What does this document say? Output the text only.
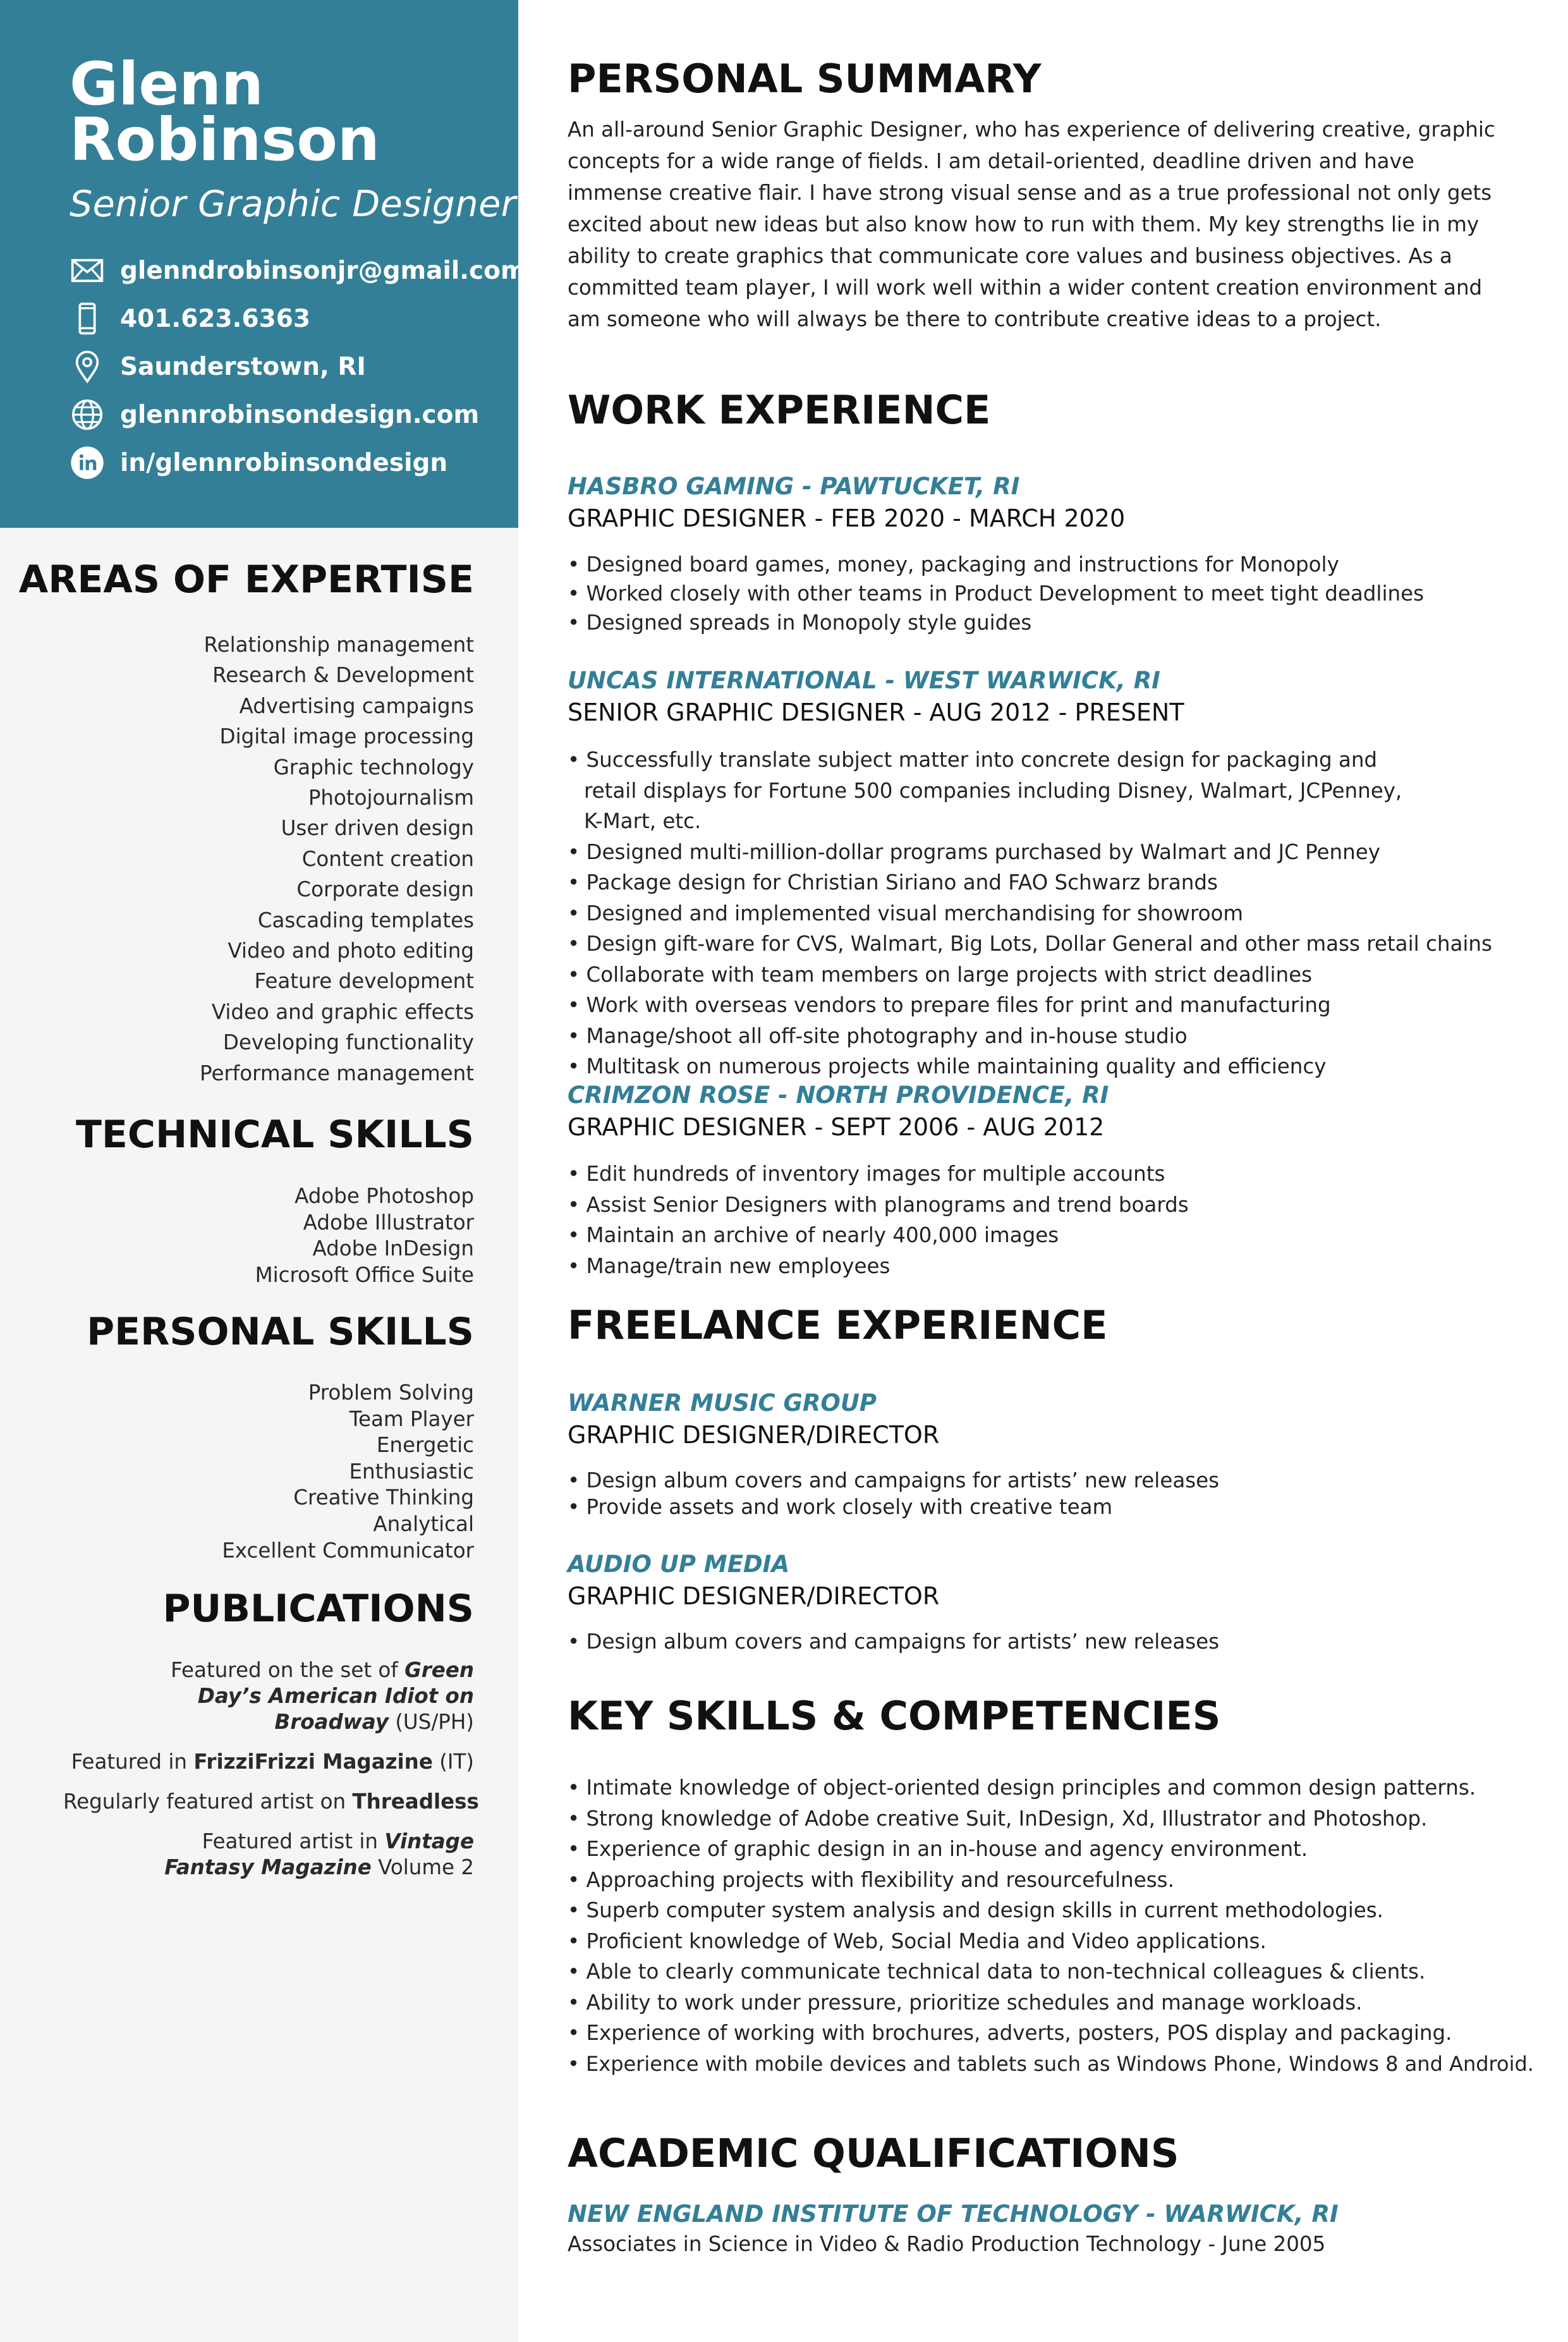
Glenn
Robinson
Senior Graphic Designer
glenndrobinsonjr@gmail.com
401.623.6363
Saunderstown, RI
glennrobinsondesign.com
in/glennrobinsondesign
AREAS OF EXPERTISE
Relationship management
Research & Development
Advertising campaigns
Digital image processing
Graphic technology
Photojournalism
User driven design
Content creation
Corporate design
Cascading templates
Video and photo editing
Feature development
Video and graphic effects
Developing functionality
Performance management
TECHNICAL SKILLS
Adobe Photoshop
Adobe Illustrator
Adobe InDesign
Microsoft Office Suite
PERSONAL SKILLS
Problem Solving
Team Player
Energetic
Enthusiastic
Creative Thinking
Analytical
Excellent Communicator
PUBLICATIONS
Featured on the set of Green Day’s American Idiot on Broadway (US/PH)
Featured in FrizziFrizzi Magazine (IT)
Regularly featured artist on Threadless
Featured artist in Vintage Fantasy Magazine Volume 2
PERSONAL SUMMARY

An all-around Senior Graphic Designer, who has experience of delivering creative, graphic concepts for a wide range of fields. I am detail-oriented, deadline driven and have immense creative flair. I have strong visual sense and as a true professional not only gets excited about new ideas but also know how to run with them. My key strengths lie in my ability to create graphics that communicate core values and business objectives. As a committed team player, I will work well within a wider content creation environment and am someone who will always be there to contribute creative ideas to a project.

WORK EXPERIENCE
HASBRO GAMING - PAWTUCKET, RI
GRAPHIC DESIGNER - FEB 2020 - MARCH 2020
• Designed board games, money, packaging and instructions for Monopoly
• Worked closely with other teams in Product Development to meet tight deadlines
• Designed spreads in Monopoly style guides
UNCAS INTERNATIONAL - WEST WARWICK, RI
SENIOR GRAPHIC DESIGNER - AUG 2012 - PRESENT
• Successfully translate subject matter into concrete design for packaging and retail displays for Fortune 500 companies including Disney, Walmart, JCPenney, K-Mart, etc.
• Designed multi-million-dollar programs purchased by Walmart and JC Penney
• Package design for Christian Siriano and FAO Schwarz brands
• Designed and implemented visual merchandising for showroom
• Design gift-ware for CVS, Walmart, Big Lots, Dollar General and other mass retail chains
• Collaborate with team members on large projects with strict deadlines
• Work with overseas vendors to prepare files for print and manufacturing
• Manage/shoot all off-site photography and in-house studio
• Multitask on numerous projects while maintaining quality and efficiency
CRIMZON ROSE - NORTH PROVIDENCE, RI
GRAPHIC DESIGNER - SEPT 2006 - AUG 2012
• Edit hundreds of inventory images for multiple accounts
• Assist Senior Designers with planograms and trend boards
• Maintain an archive of nearly 400,000 images
• Manage/train new employees
FREELANCE EXPERIENCE
WARNER MUSIC GROUP
GRAPHIC DESIGNER/DIRECTOR
• Design album covers and campaigns for artists’ new releases
• Provide assets and work closely with creative team
AUDIO UP MEDIA
GRAPHIC DESIGNER/DIRECTOR
• Design album covers and campaigns for artists’ new releases
KEY SKILLS & COMPETENCIES
• Intimate knowledge of object-oriented design principles and common design patterns.
• Strong knowledge of Adobe creative Suit, InDesign, Xd, Illustrator and Photoshop.
• Experience of graphic design in an in-house and agency environment.
• Approaching projects with flexibility and resourcefulness.
• Superb computer system analysis and design skills in current methodologies.
• Proficient knowledge of Web, Social Media and Video applications.
• Able to clearly communicate technical data to non-technical colleagues & clients.
• Ability to work under pressure, prioritize schedules and manage workloads.
• Experience of working with brochures, adverts, posters, POS display and packaging.
• Experience with mobile devices and tablets such as Windows Phone, Windows 8 and Android.
ACADEMIC QUALIFICATIONS
NEW ENGLAND INSTITUTE OF TECHNOLOGY - WARWICK, RI

Associates in Science in Video & Radio Production Technology - June 2005
